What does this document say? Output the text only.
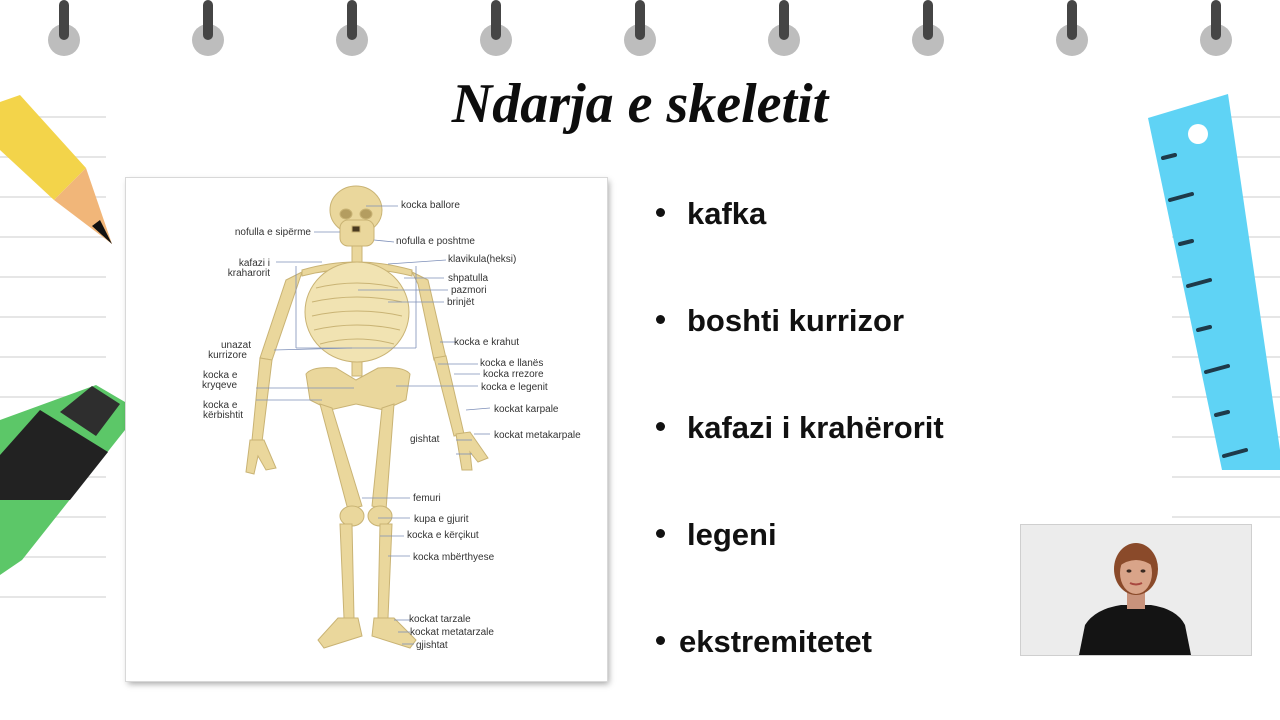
Ndarja e skeletit
nofulla e sipërme
kafazi i
kraharorit
unazat
kurrizore
kocka e
kryqeve
kocka e
kërbishtit
kocka ballore
nofulla e poshtme
klavikula(heksi)
shpatulla
pazmori
brinjët
kocka e krahut
kocka e llanës
kocka rrezore
kocka e legenit
kockat karpale
gishtat	kockat metakarpale
femuri
kupa e gjurit
kocka e kërçikut
kocka mbërthyese
kockat tarzale
kockat metatarzale
gjishtat
kafka
boshti kurrizor
kafazi i krahërorit
legeni
ekstremitetet
